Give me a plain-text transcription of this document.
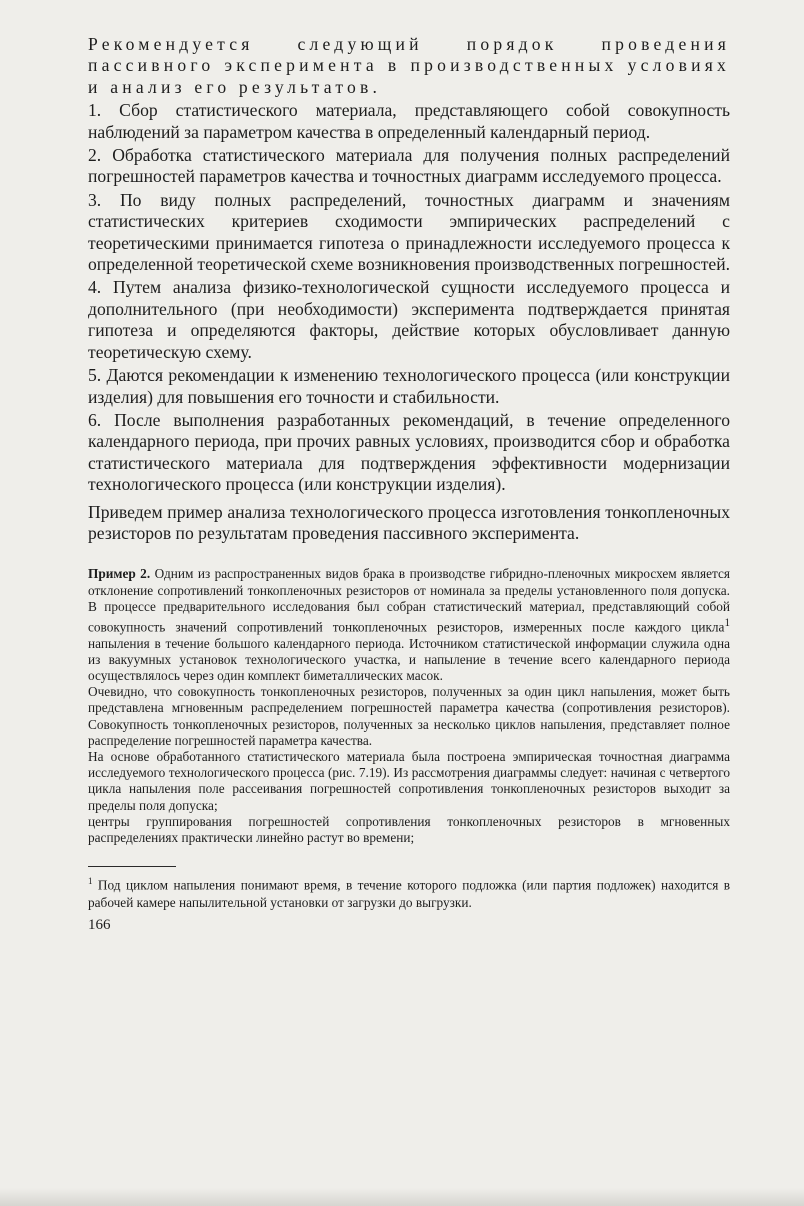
Рекомендуется следующий порядок проведения пассивного эксперимента в производственных условиях и анализ его результатов.

1. Сбор статистического материала, представляющего собой совокупность наблюдений за параметром качества в определенный календарный период.

2. Обработка статистического материала для получения полных распределений погрешностей параметров качества и точностных диаграмм исследуемого процесса.

3. По виду полных распределений, точностных диаграмм и значениям статистических критериев сходимости эмпирических распределений с теоретическими принимается гипотеза о принадлежности исследуемого процесса к определенной теоретической схеме возникновения производственных погрешностей.

4. Путем анализа физико-технологической сущности исследуемого процесса и дополнительного (при необходимости) эксперимента подтверждается принятая гипотеза и определяются факторы, действие которых обусловливает данную теоретическую схему.

5. Даются рекомендации к изменению технологического процесса (или конструкции изделия) для повышения его точности и стабильности.

6. После выполнения разработанных рекомендаций, в течение определенного календарного периода, при прочих равных условиях, производится сбор и обработка статистического материала для подтверждения эффективности модернизации технологического процесса (или конструкции изделия).

Приведем пример анализа технологического процесса изготовления тонкопленочных резисторов по результатам проведения пассивного эксперимента.

Пример 2. Одним из распространенных видов брака в производстве гибридно-пленочных микросхем является отклонение сопротивлений тонкопленочных резисторов от номинала за пределы установленного поля допуска. В процессе предварительного исследования был собран статистический материал, представляющий собой совокупность значений сопротивлений тонкопленочных резисторов, измеренных после каждого цикла$^1$ напыления в течение большого календарного периода. Источником статистической информации служила одна из вакуумных установок технологического участка, и напыление в течение всего календарного периода осуществлялось через один комплект биметаллических масок.

Очевидно, что совокупность тонкопленочных резисторов, полученных за один цикл напыления, может быть представлена мгновенным распределением погрешностей параметра качества (сопротивления резисторов). Совокупность тонкопленочных резисторов, полученных за несколько циклов напыления, представляет полное распределение погрешностей параметра качества.

На основе обработанного статистического материала была построена эмпирическая точностная диаграмма исследуемого технологического процесса (рис. 7.19). Из рассмотрения диаграммы следует: начиная с четвертого цикла напыления поле рассеивания погрешностей сопротивления тонкопленочных резисторов выходит за пределы поля допуска;

центры группирования погрешностей сопротивления тонкопленочных резисторов в мгновенных распределениях практически линейно растут во времени;

$^1$ Под циклом напыления понимают время, в течение которого подложка (или партия подложек) находится в рабочей камере напылительной установки от загрузки до выгрузки.

166
